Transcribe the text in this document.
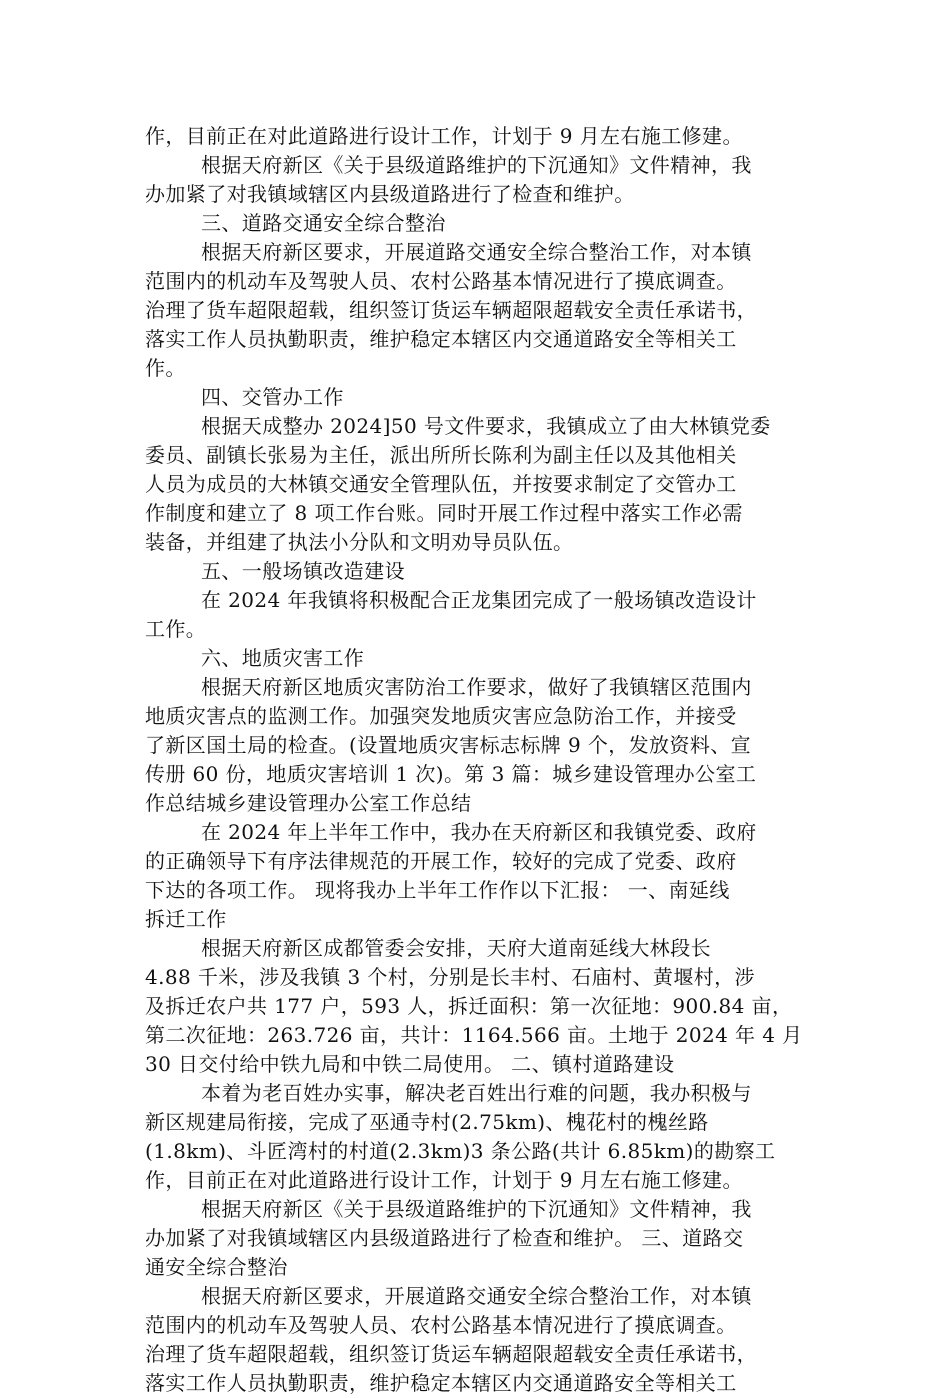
作，目前正在对此道路进行设计工作，计划于 9 月左右施工修建。
根据天府新区《关于县级道路维护的下沉通知》文件精神，我
办加紧了对我镇域辖区内县级道路进行了检查和维护。
三、道路交通安全综合整治
根据天府新区要求，开展道路交通安全综合整治工作，对本镇
范围内的机动车及驾驶人员、农村公路基本情况进行了摸底调查。
治理了货车超限超载，组织签订货运车辆超限超载安全责任承诺书，
落实工作人员执勤职责，维护稳定本辖区内交通道路安全等相关工
作。
四、交管办工作
根据天成整办 2024]50 号文件要求，我镇成立了由大林镇党委
委员、副镇长张易为主任，派出所所长陈利为副主任以及其他相关
人员为成员的大林镇交通安全管理队伍，并按要求制定了交管办工
作制度和建立了 8 项工作台账。同时开展工作过程中落实工作必需
装备，并组建了执法小分队和文明劝导员队伍。
五、一般场镇改造建设
在 2024 年我镇将积极配合正龙集团完成了一般场镇改造设计
工作。
六、地质灾害工作
根据天府新区地质灾害防治工作要求，做好了我镇辖区范围内
地质灾害点的监测工作。加强突发地质灾害应急防治工作，并接受
了新区国土局的检查。(设置地质灾害标志标牌 9 个，发放资料、宣
传册 60 份，地质灾害培训 1 次)。第 3 篇：城乡建设管理办公室工
作总结城乡建设管理办公室工作总结
在 2024 年上半年工作中，我办在天府新区和我镇党委、政府
的正确领导下有序法律规范的开展工作，较好的完成了党委、政府
下达的各项工作。 现将我办上半年工作作以下汇报： 一、南延线
拆迁工作
根据天府新区成都管委会安排，天府大道南延线大林段长
4.88 千米，涉及我镇 3 个村，分别是长丰村、石庙村、黄堰村，涉
及拆迁农户共 177 户，593 人，拆迁面积：第一次征地：900.84 亩，
第二次征地：263.726 亩，共计：1164.566 亩。土地于 2024 年 4 月
30 日交付给中铁九局和中铁二局使用。 二、镇村道路建设
本着为老百姓办实事，解决老百姓出行难的问题，我办积极与
新区规建局衔接，完成了巫通寺村(2.75km)、槐花村的槐丝路
(1.8km)、斗匠湾村的村道(2.3km)3 条公路(共计 6.85km)的勘察工
作，目前正在对此道路进行设计工作，计划于 9 月左右施工修建。
根据天府新区《关于县级道路维护的下沉通知》文件精神，我
办加紧了对我镇域辖区内县级道路进行了检查和维护。 三、道路交
通安全综合整治
根据天府新区要求，开展道路交通安全综合整治工作，对本镇
范围内的机动车及驾驶人员、农村公路基本情况进行了摸底调查。
治理了货车超限超载，组织签订货运车辆超限超载安全责任承诺书，
落实工作人员执勤职责，维护稳定本辖区内交通道路安全等相关工
